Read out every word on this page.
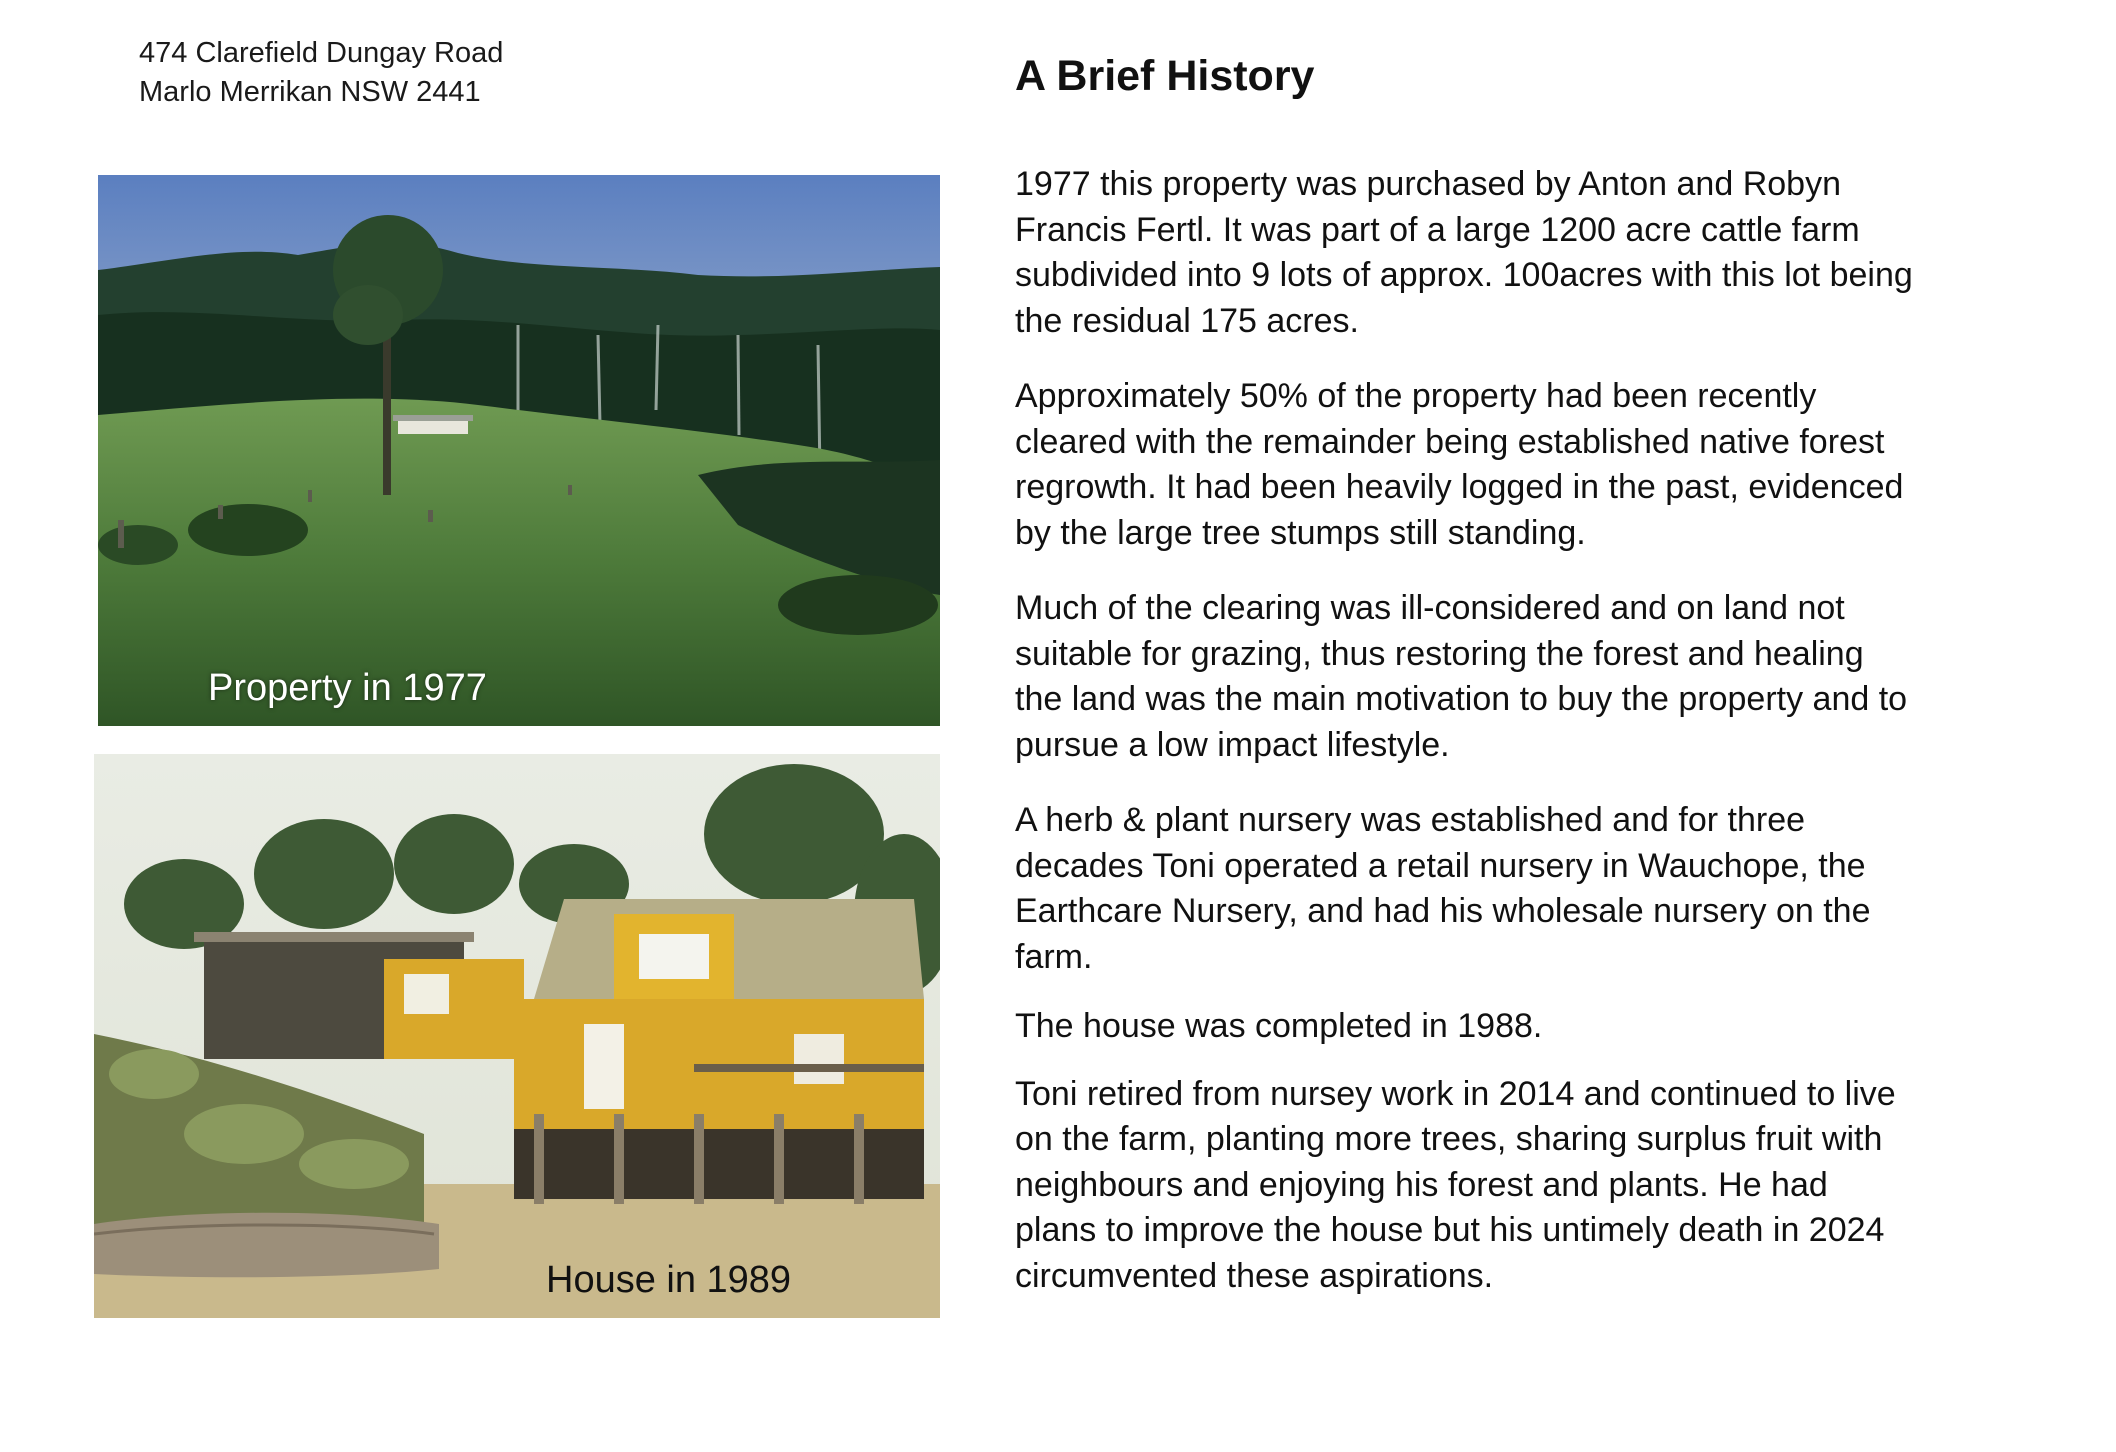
474 Clarefield Dungay Road
Marlo Merrikan NSW 2441
Property in 1977
House in 1989
A Brief History

1977 this property was purchased by Anton and Robyn Francis Fertl. It was part of a large 1200 acre cattle farm subdivided into 9 lots of approx. 100acres with this lot being the residual 175 acres.

Approximately 50% of the property had been recently cleared with the remainder being established native forest regrowth. It had been heavily logged in the past, evidenced by the large tree stumps still standing.

Much of the clearing was ill-considered and on land not suitable for grazing, thus restoring the forest and healing the land was the main motivation to buy the property and to pursue a low impact lifestyle.

A herb & plant nursery was established and for three decades Toni operated a retail nursery in Wauchope, the Earthcare Nursery, and had his wholesale nursery on the farm.

The house was completed in 1988.

Toni retired from nursey work in 2014 and continued to live on the farm, planting more trees, sharing surplus fruit with neighbours and enjoying his forest and plants. He had plans to improve the house but his untimely death in 2024 circumvented these aspirations.
